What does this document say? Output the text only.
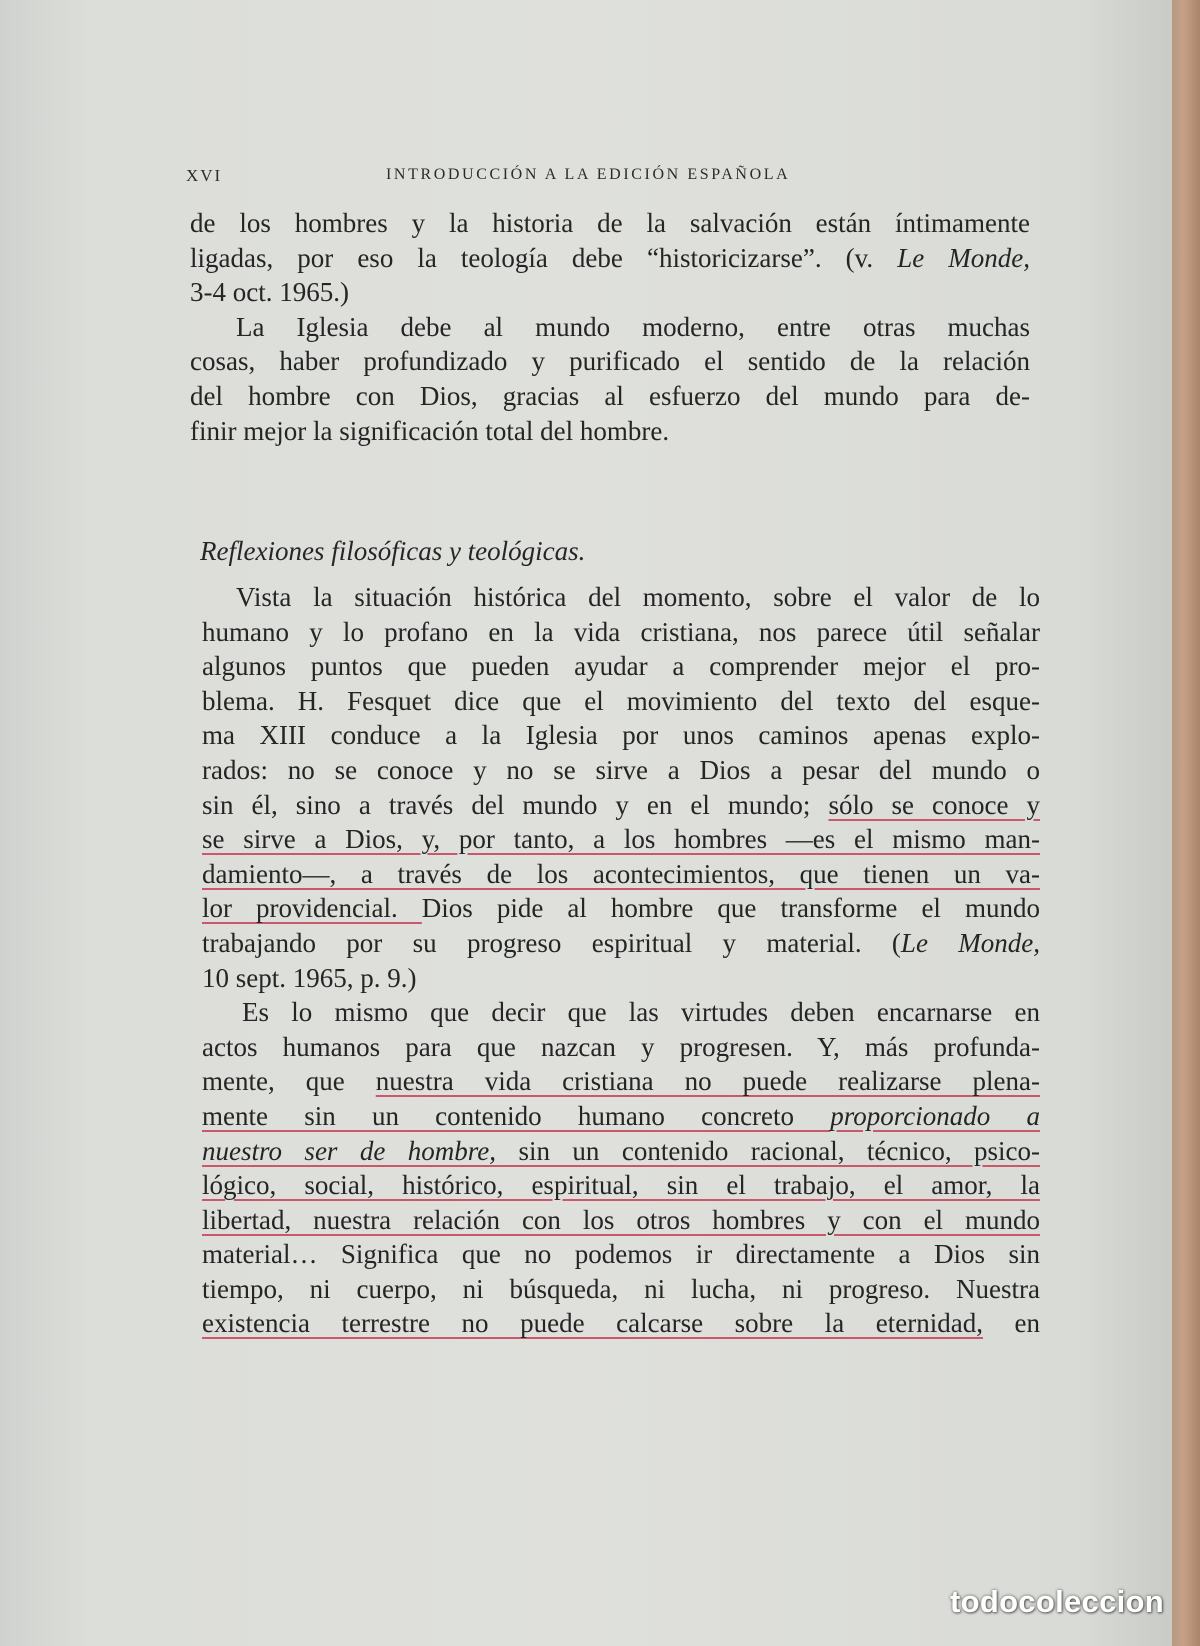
XVI	INTRODUCCIÓN A LA EDICIÓN ESPAÑOLA
de los hombres y la historia de la salvación están íntimamente
ligadas, por eso la teología debe “historicizarse”. (v. Le Monde,
3-4 oct. 1965.)
La Iglesia debe al mundo moderno, entre otras muchas
cosas, haber profundizado y purificado el sentido de la relación
del hombre con Dios, gracias al esfuerzo del mundo para de-
finir mejor la significación total del hombre.

Reflexiones filosóficas y teológicas.

Vista la situación histórica del momento, sobre el valor de lo
humano y lo profano en la vida cristiana, nos parece útil señalar
algunos puntos que pueden ayudar a comprender mejor el pro-
blema. H. Fesquet dice que el movimiento del texto del esque-
ma XIII conduce a la Iglesia por unos caminos apenas explo-
rados: no se conoce y no se sirve a Dios a pesar del mundo o
sin él, sino a través del mundo y en el mundo; sólo se conoce y
se sirve a Dios, y, por tanto, a los hombres —es el mismo man-
damiento—, a través de los acontecimientos, que tienen un va-
lor providencial. Dios pide al hombre que transforme el mundo
trabajando por su progreso espiritual y material. (Le Monde,
10 sept. 1965, p. 9.)
Es lo mismo que decir que las virtudes deben encarnarse en
actos humanos para que nazcan y progresen. Y, más profunda-
mente, que nuestra vida cristiana no puede realizarse plena-
mente sin un contenido humano concreto proporcionado a
nuestro ser de hombre, sin un contenido racional, técnico, psico-
lógico, social, histórico, espiritual, sin el trabajo, el amor, la
libertad, nuestra relación con los otros hombres y con el mundo
material… Significa que no podemos ir directamente a Dios sin
tiempo, ni cuerpo, ni búsqueda, ni lucha, ni progreso. Nuestra
existencia terrestre no puede calcarse sobre la eternidad, en
todocoleccion
